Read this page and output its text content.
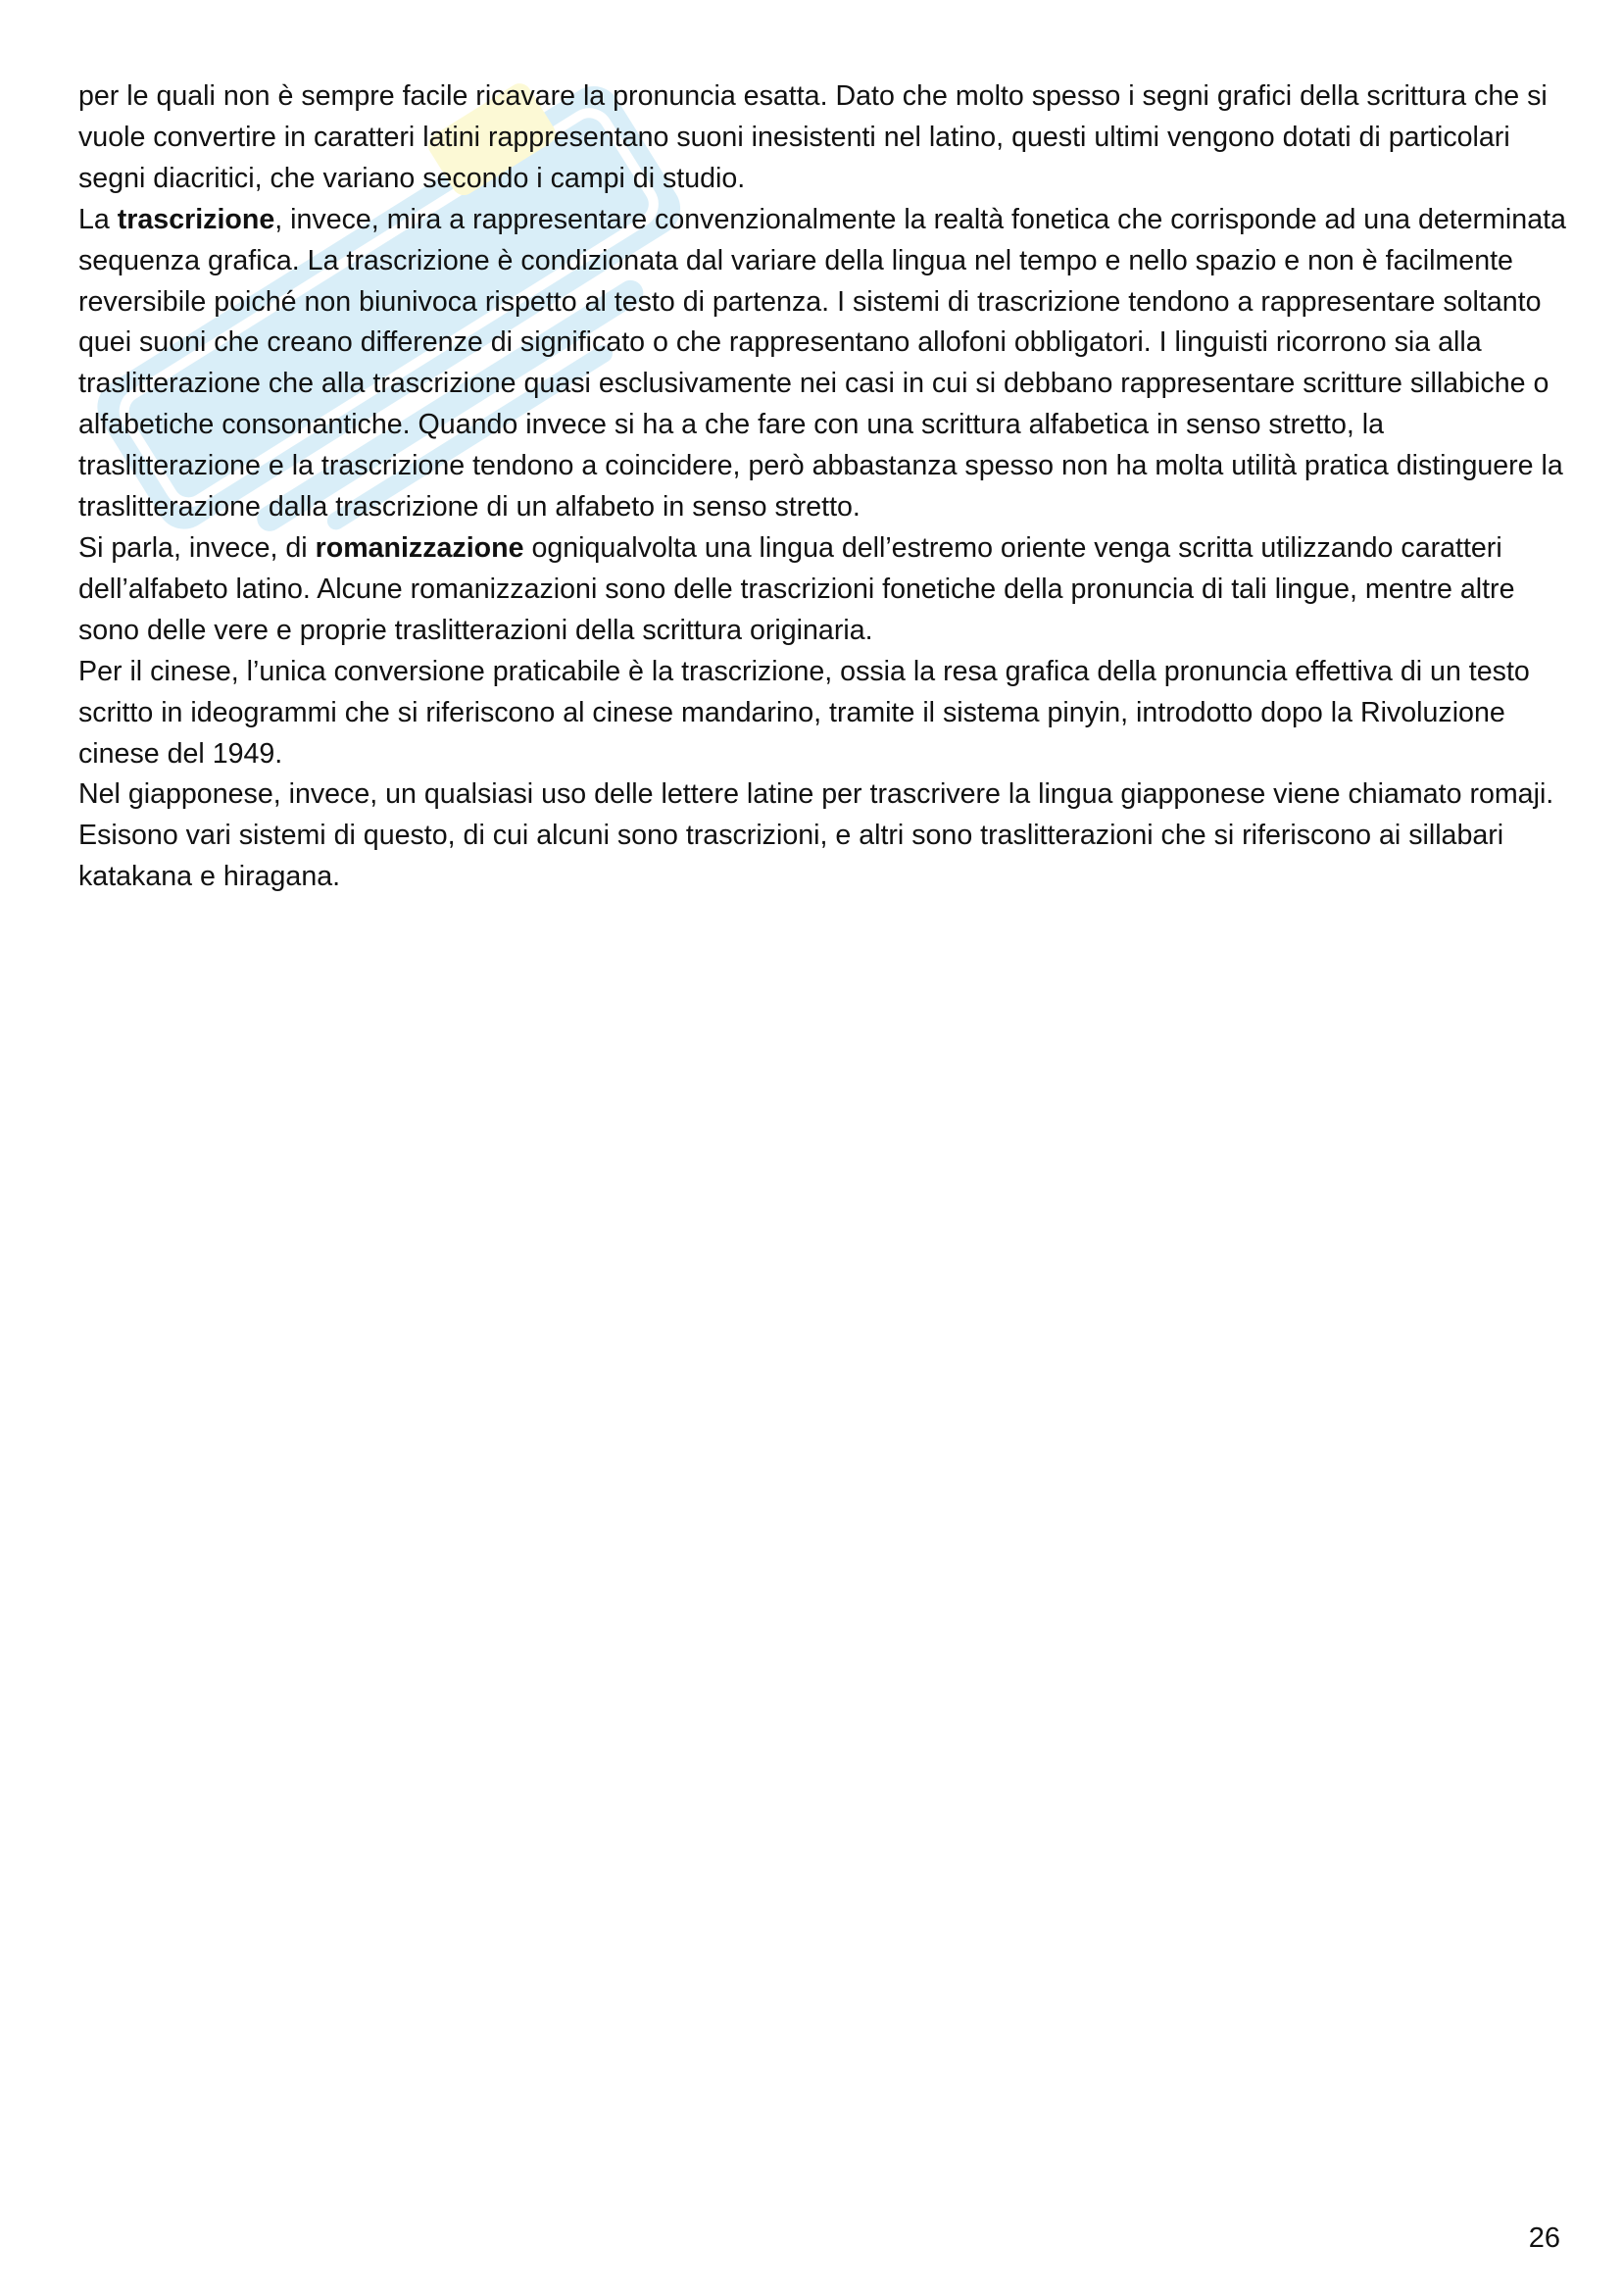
per le quali non è sempre facile ricavare la pronuncia esatta. Dato che molto spesso i segni grafici della scrittura che si vuole convertire in caratteri latini rappresentano suoni inesistenti nel latino, questi ultimi vengono dotati di particolari segni diacritici, che variano secondo i campi di studio.

La trascrizione, invece, mira a rappresentare convenzionalmente la realtà fonetica che corrisponde ad una determinata sequenza grafica. La trascrizione è condizionata dal variare della lingua nel tempo e nello spazio e non è facilmente reversibile poiché non biunivoca rispetto al testo di partenza. I sistemi di trascrizione tendono a rappresentare soltanto quei suoni che creano differenze di significato o che rappresentano allofoni obbligatori. I linguisti ricorrono sia alla traslitterazione che alla trascrizione quasi esclusivamente nei casi in cui si debbano rappresentare scritture sillabiche o alfabetiche consonantiche. Quando invece si ha a che fare con una scrittura alfabetica in senso stretto, la traslitterazione e la trascrizione tendono a coincidere, però abbastanza spesso non ha molta utilità pratica distinguere la traslitterazione dalla trascrizione di un alfabeto in senso stretto.

Si parla, invece, di romanizzazione ogniqualvolta una lingua dell’estremo oriente venga scritta utilizzando caratteri dell’alfabeto latino. Alcune romanizzazioni sono delle trascrizioni fonetiche della pronuncia di tali lingue, mentre altre sono delle vere e proprie traslitterazioni della scrittura originaria.

Per il cinese, l’unica conversione praticabile è la trascrizione, ossia la resa grafica della pronuncia effettiva di un testo scritto in ideogrammi che si riferiscono al cinese mandarino, tramite il sistema pinyin, introdotto dopo la Rivoluzione cinese del 1949.

Nel giapponese, invece, un qualsiasi uso delle lettere latine per trascrivere la lingua giapponese viene chiamato romaji. Esisono vari sistemi di questo, di cui alcuni sono trascrizioni, e altri sono traslitterazioni che si riferiscono ai sillabari katakana e hiragana.

26
